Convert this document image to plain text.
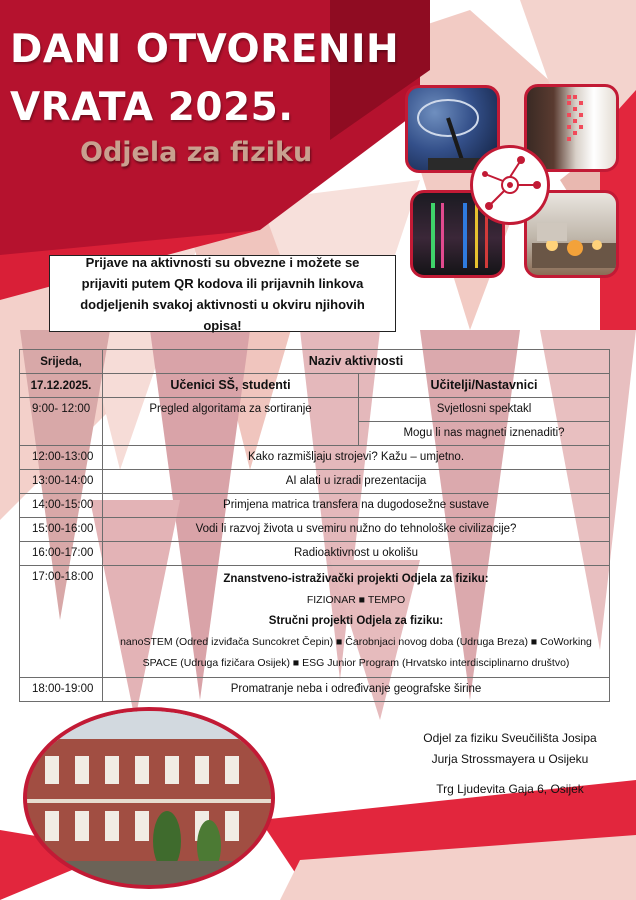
DANI OTVORENIH
VRATA 2025.
Odjela za fiziku
Prijave na aktivnosti su obvezne i možete se prijaviti putem QR kodova ili prijavnih linkova dodjeljenih svakoj aktivnosti u okviru njihovih opisa!
Srijeda,	Naziv aktivnosti	
17.12.2025.	Učenici SŠ, studenti	Učitelji/Nastavnici
9:00- 12:00	Pregled algoritama za sortiranje	Svjetlosni spektakl
		Mogu li nas magneti iznenaditi?
12:00-13:00	Kako razmišljaju strojevi? Kažu – umjetno.	
13:00-14:00	AI alati u izradi prezentacija	
14:00-15:00	Primjena matrica transfera na dugodosežne sustave	
15:00-16:00	Vodi li razvoj života u svemiru nužno do tehnološke civilizacije?	
16:00-17:00	Radioaktivnost u okolišu	
17:00-18:00	Znanstveno-istraživački projekti Odjela za fiziku:
FIZIONAR ■ TEMPO
Stručni projekti Odjela za fiziku:
nanoSTEM (Odred izviđača Suncokret Čepin) ■ Čarobnjaci novog doba (Udruga Breza) ■ CoWorking SPACE (Udruga fizičara Osijek) ■ ESG Junior Program (Hrvatsko interdisciplinarno društvo)	

18:00-19:00	Promatranje neba i određivanje geografske širine	
Odjel za fiziku Sveučilišta Josipa
Jurja Strossmayera u Osijeku
Trg Ljudevita Gaja 6, Osijek
